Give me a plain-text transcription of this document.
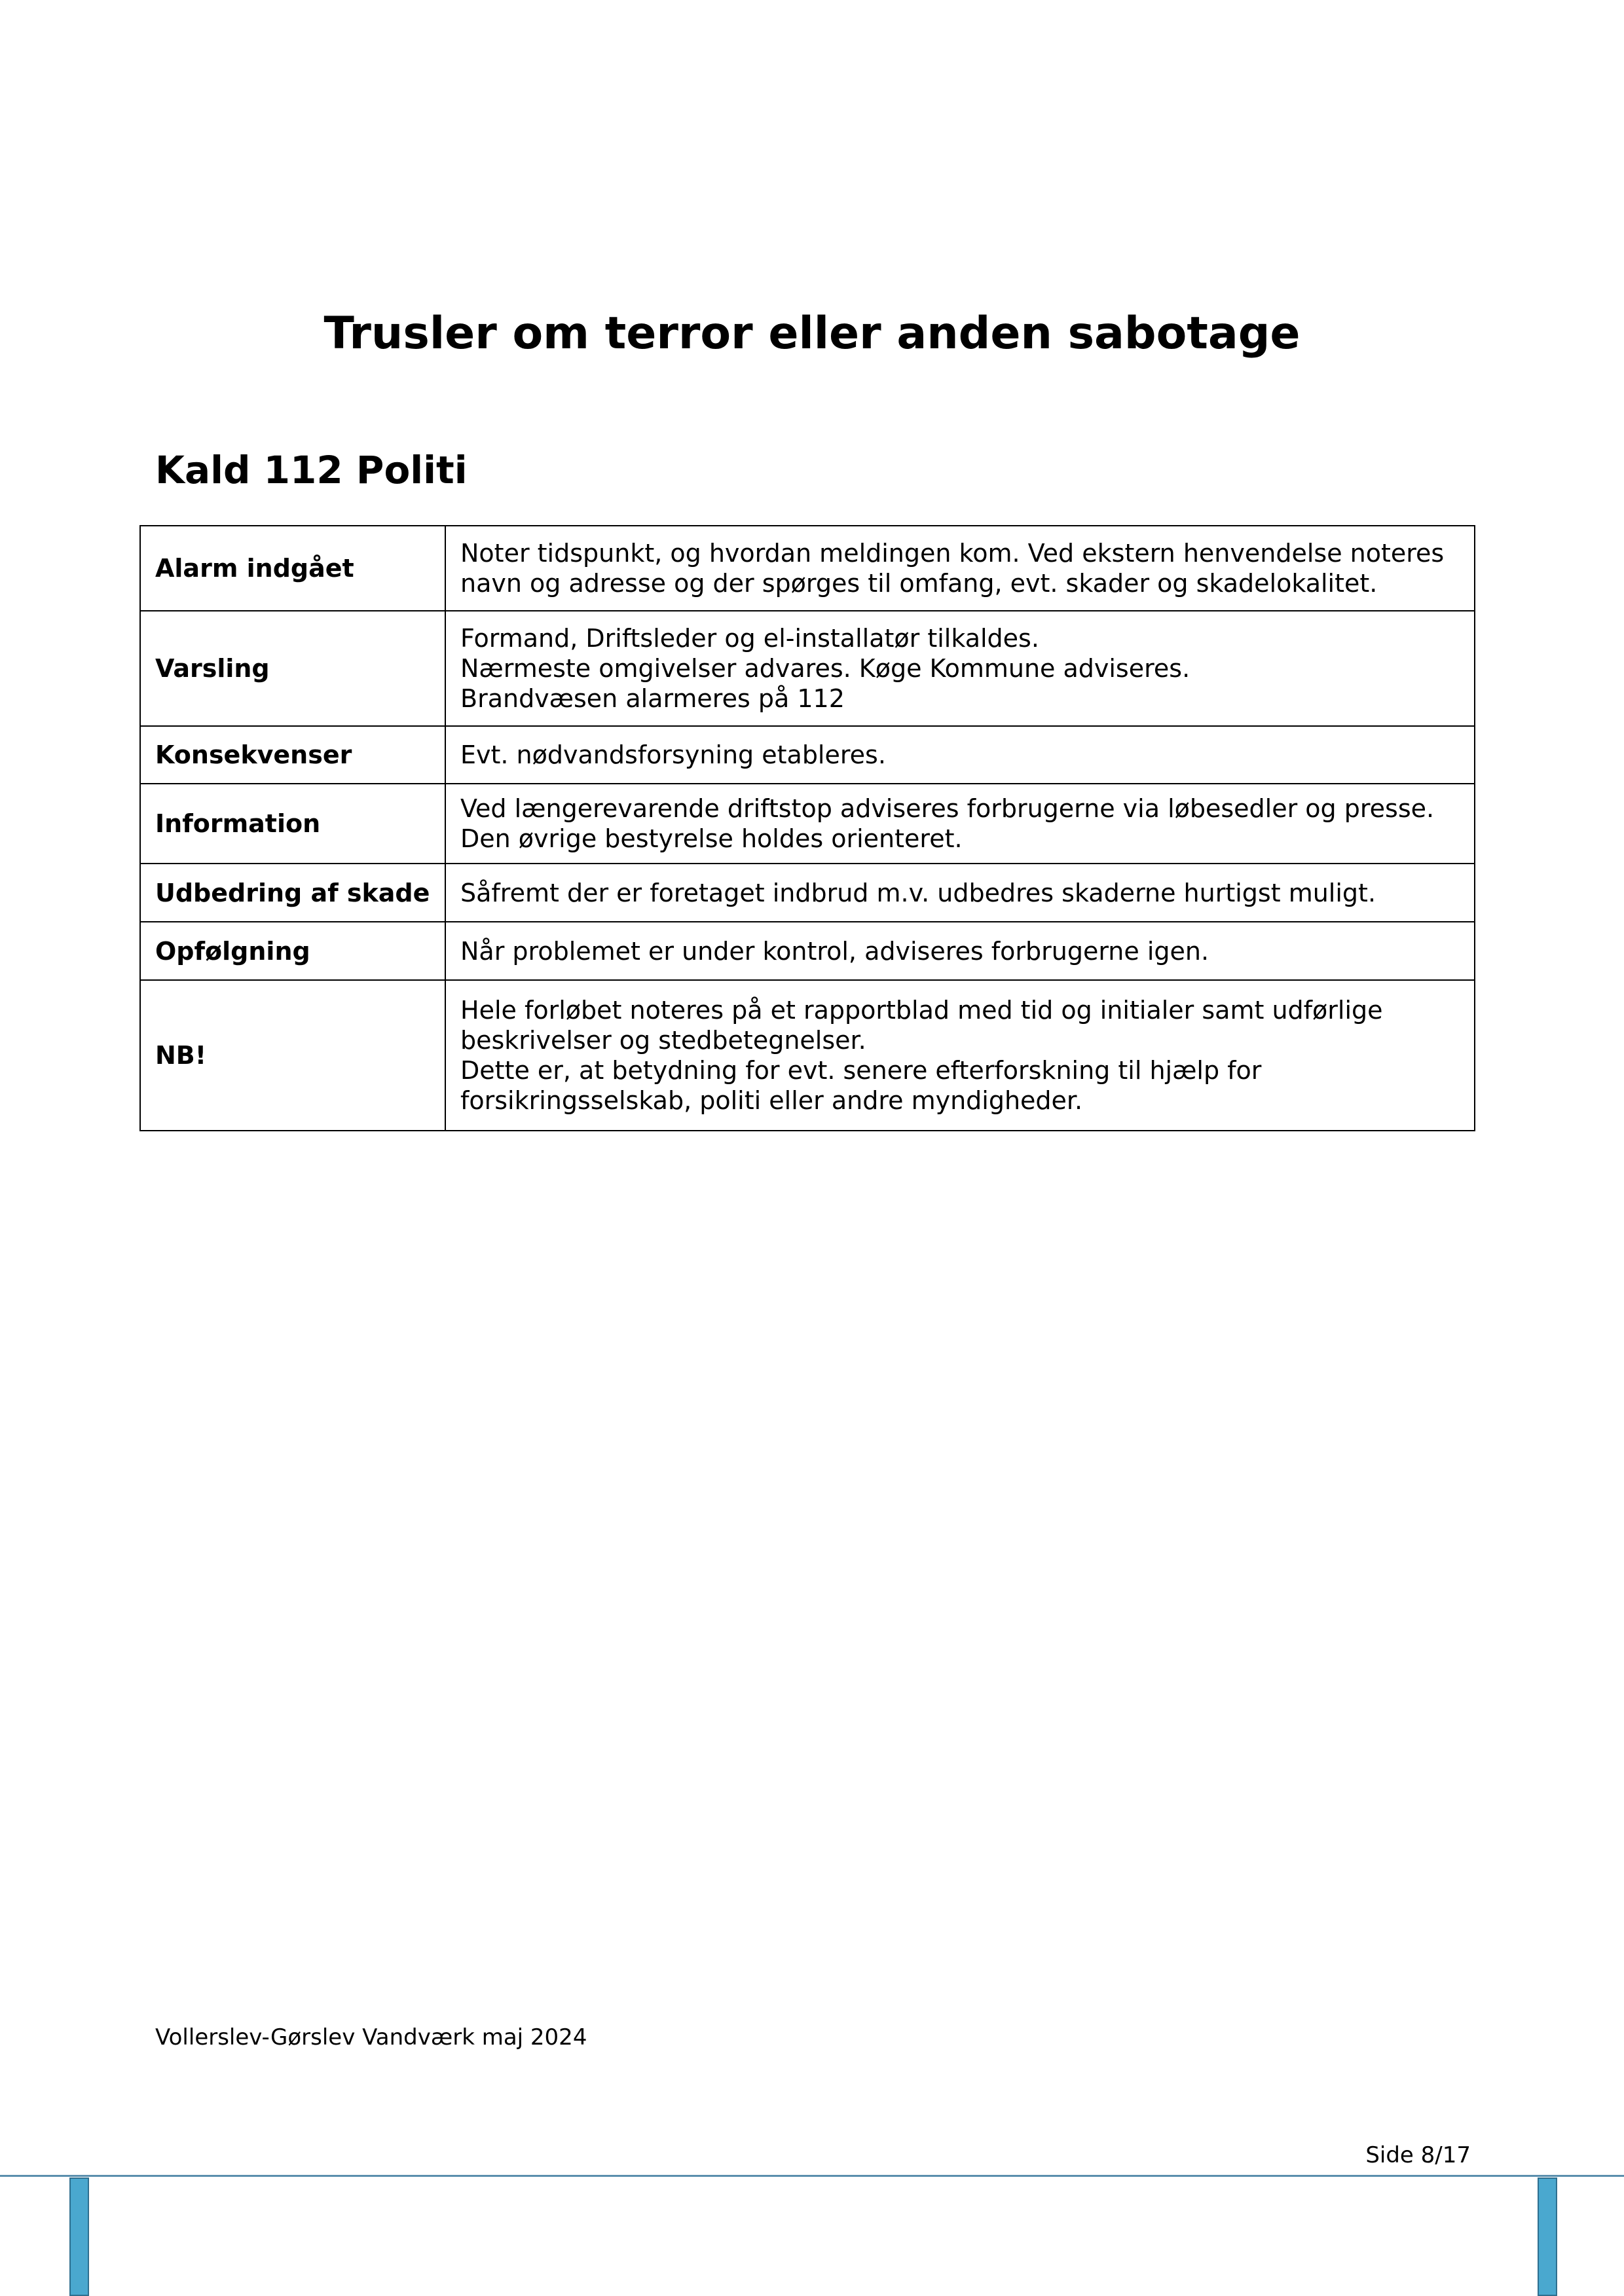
Trusler om terror eller anden sabotage
Kald 112 Politi
Alarm indgået	Noter tidspunkt, og hvordan meldingen kom. Ved ekstern henvendelse noteres
navn og adresse og der spørges til omfang, evt. skader og skadelokalitet.

Varsling	Formand, Driftsleder og el-installatør tilkaldes.
Nærmeste omgivelser advares. Køge Kommune adviseres.
Brandvæsen alarmeres på 112

Konsekvenser	Evt. nødvandsforsyning etableres.

Information	Ved længerevarende driftstop adviseres forbrugerne via løbesedler og presse.
Den øvrige bestyrelse holdes orienteret.

Udbedring af skade	Såfremt der er foretaget indbrud m.v. udbedres skaderne hurtigst muligt.

Opfølgning	Når problemet er under kontrol, adviseres forbrugerne igen.

NB!	Hele forløbet noteres på et rapportblad med tid og initialer samt udførlige
beskrivelser og stedbetegnelser.
Dette er, at betydning for evt. senere efterforskning til hjælp for
forsikringsselskab, politi eller andre myndigheder.
Vollerslev-Gørslev Vandværk maj 2024
Side 8/17
